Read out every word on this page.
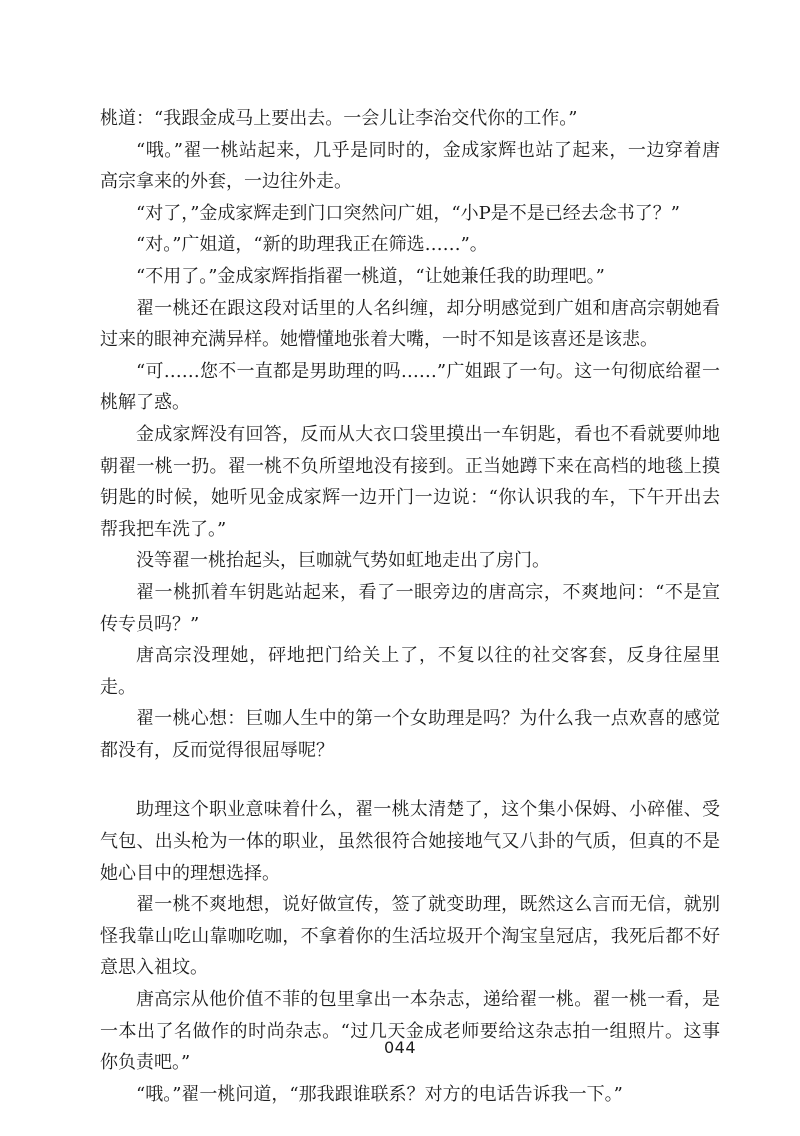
桃道：“我跟金成马上要出去。一会儿让李治交代你的工作。”

“哦。”翟一桃站起来，几乎是同时的，金成家辉也站了起来，一边穿着唐高宗拿来的外套，一边往外走。

“对了，”金成家辉走到门口突然问广姐，“小P是不是已经去念书了？”

“对。”广姐道，“新的助理我正在筛选……”。

“不用了。”金成家辉指指翟一桃道，“让她兼任我的助理吧。”

翟一桃还在跟这段对话里的人名纠缠，却分明感觉到广姐和唐高宗朝她看过来的眼神充满异样。她懵懂地张着大嘴，一时不知是该喜还是该悲。

“可……您不一直都是男助理的吗……”广姐跟了一句。这一句彻底给翟一桃解了惑。

金成家辉没有回答，反而从大衣口袋里摸出一车钥匙，看也不看就要帅地朝翟一桃一扔。翟一桃不负所望地没有接到。正当她蹲下来在高档的地毯上摸钥匙的时候，她听见金成家辉一边开门一边说：“你认识我的车，下午开出去帮我把车洗了。”

没等翟一桃抬起头，巨咖就气势如虹地走出了房门。

翟一桃抓着车钥匙站起来，看了一眼旁边的唐高宗，不爽地问：“不是宣传专员吗？”

唐高宗没理她，砰地把门给关上了，不复以往的社交客套，反身往屋里走。

翟一桃心想：巨咖人生中的第一个女助理是吗？为什么我一点欢喜的感觉都没有，反而觉得很屈辱呢？

助理这个职业意味着什么，翟一桃太清楚了，这个集小保姆、小碎催、受气包、出头枪为一体的职业，虽然很符合她接地气又八卦的气质，但真的不是她心目中的理想选择。

翟一桃不爽地想，说好做宣传，签了就变助理，既然这么言而无信，就别怪我靠山吃山靠咖吃咖，不拿着你的生活垃圾开个淘宝皇冠店，我死后都不好意思入祖坟。

唐高宗从他价值不菲的包里拿出一本杂志，递给翟一桃。翟一桃一看，是一本出了名做作的时尚杂志。“过几天金成老师要给这杂志拍一组照片。这事你负责吧。”

“哦。”翟一桃问道，“那我跟谁联系？对方的电话告诉我一下。”

044
